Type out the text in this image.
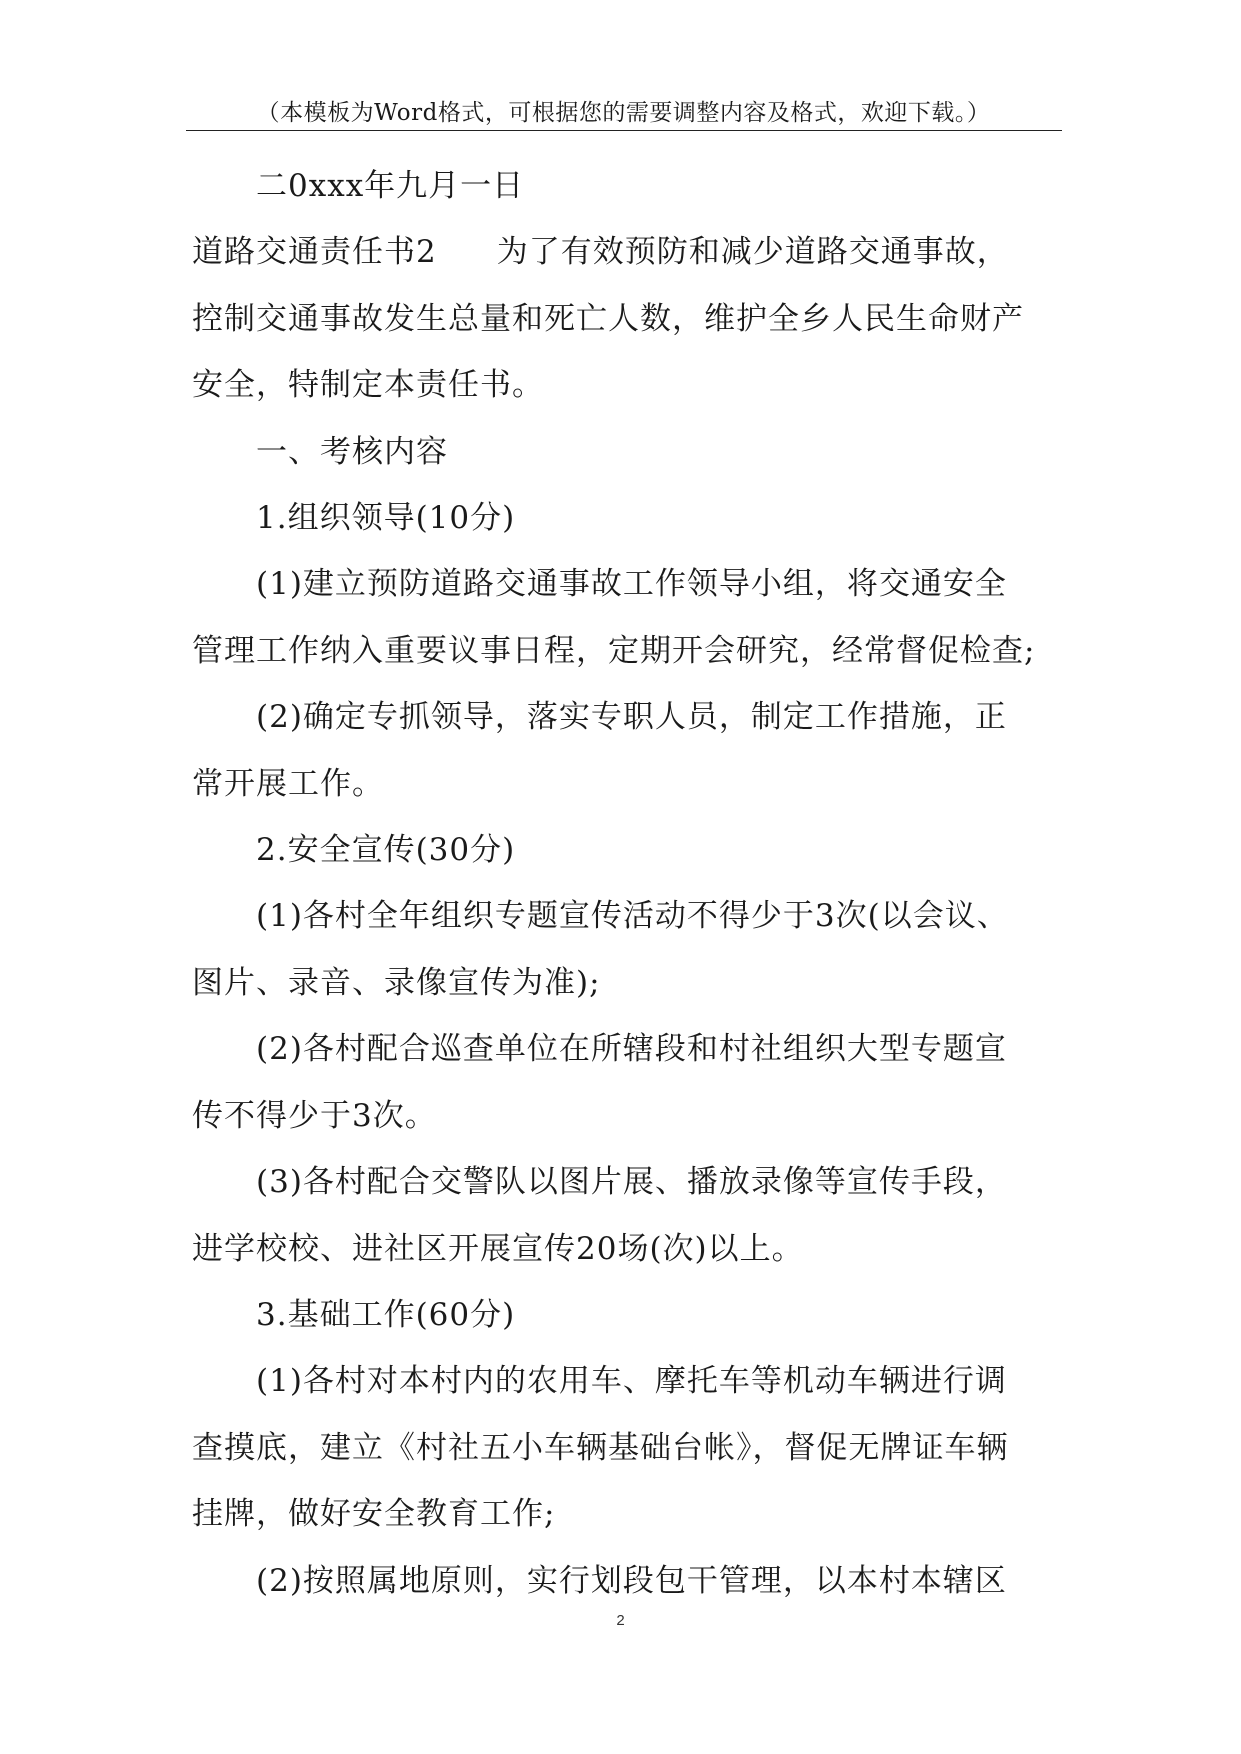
（本模板为Word格式，可根据您的需要调整内容及格式，欢迎下载。）

二0xxx年九月一日

道路交通责任书2 为了有效预防和减少道路交通事故，

控制交通事故发生总量和死亡人数，维护全乡人民生命财产

安全，特制定本责任书。

一、考核内容

1.组织领导(10分)

(1)建立预防道路交通事故工作领导小组，将交通安全

管理工作纳入重要议事日程，定期开会研究，经常督促检查;

(2)确定专抓领导，落实专职人员，制定工作措施，正

常开展工作。

2.安全宣传(30分)

(1)各村全年组织专题宣传活动不得少于3次(以会议、

图片、录音、录像宣传为准);

(2)各村配合巡查单位在所辖段和村社组织大型专题宣

传不得少于3次。

(3)各村配合交警队以图片展、播放录像等宣传手段，

进学校校、进社区开展宣传20场(次)以上。

3.基础工作(60分)

(1)各村对本村内的农用车、摩托车等机动车辆进行调

查摸底，建立《村社五小车辆基础台帐》，督促无牌证车辆

挂牌，做好安全教育工作;

(2)按照属地原则，实行划段包干管理，以本村本辖区

2
